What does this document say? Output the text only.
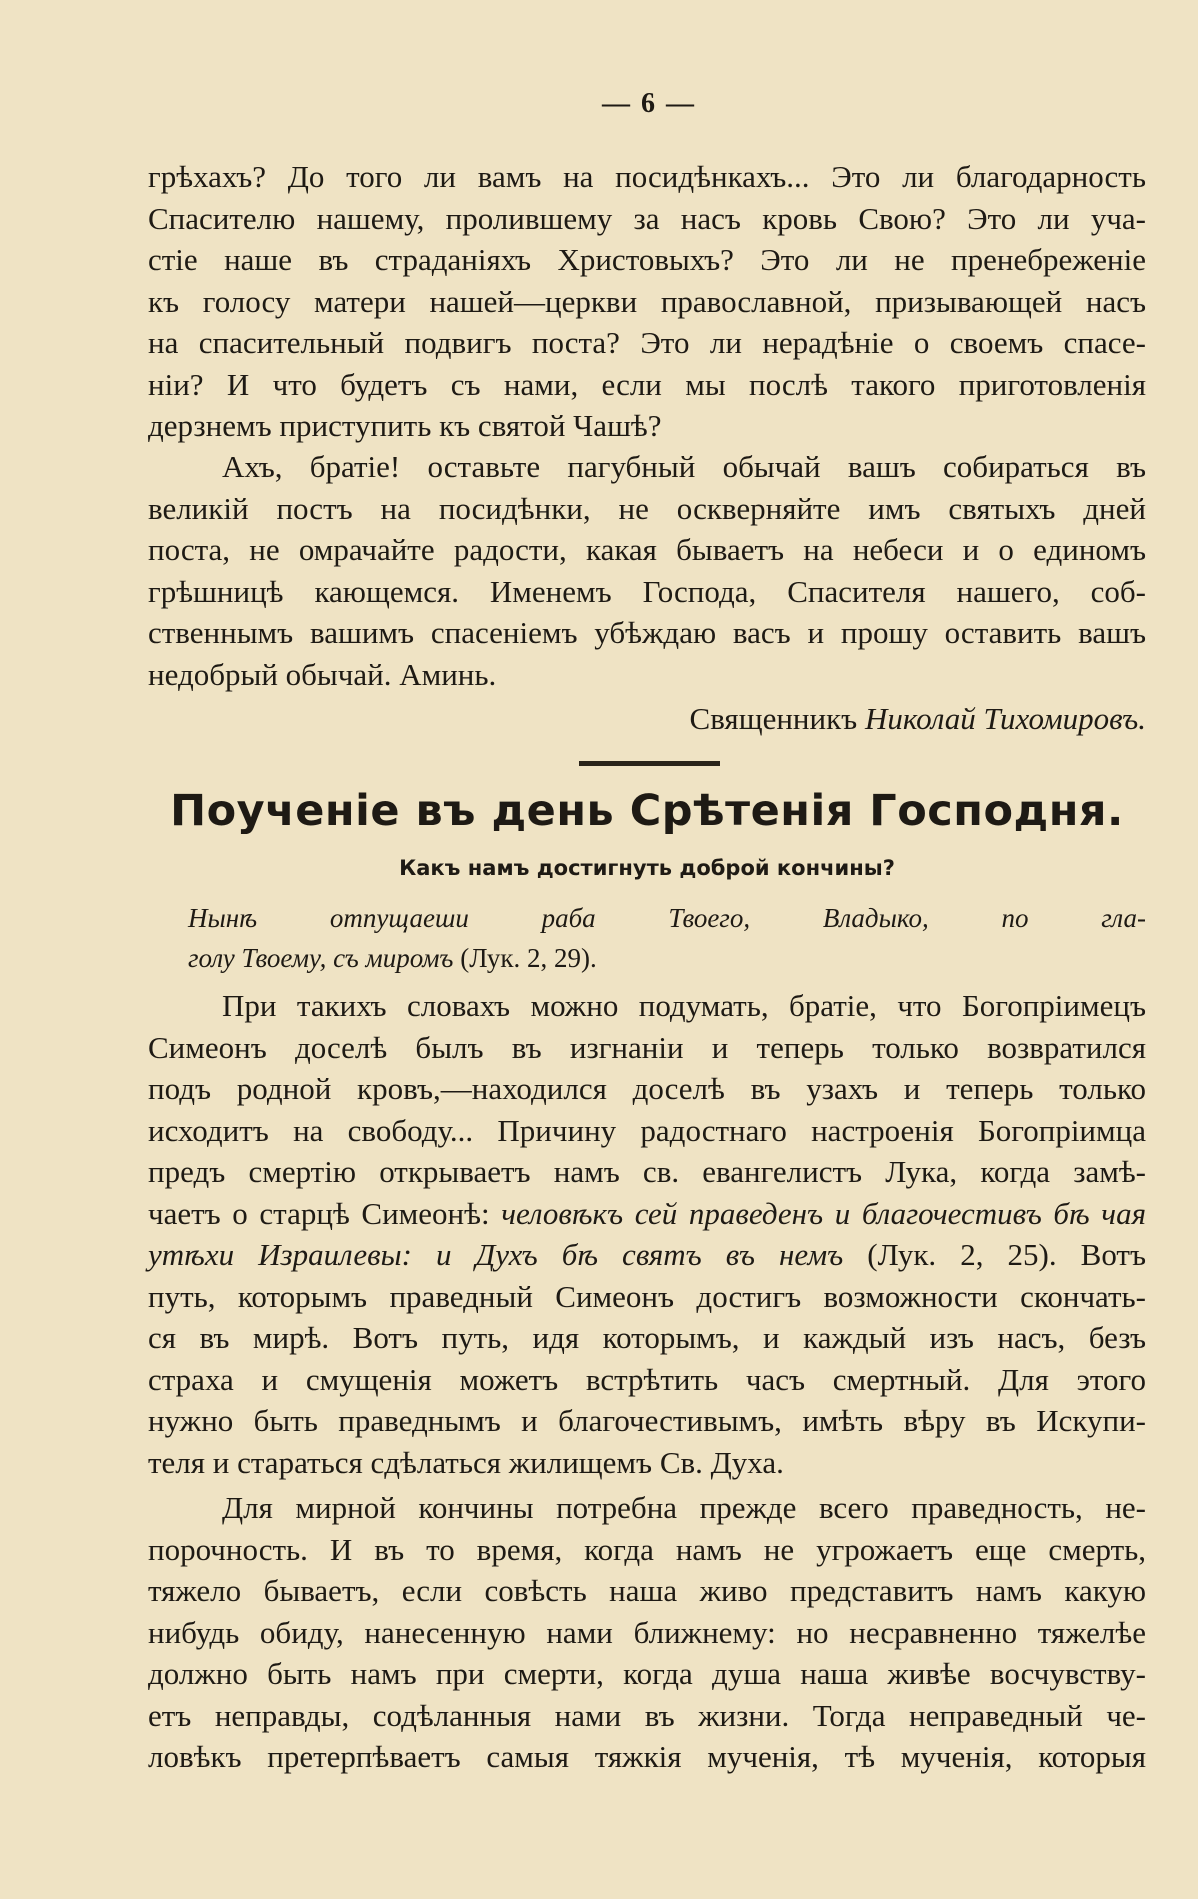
— 6 —
грѣхахъ? До того ли вамъ на посидѣнкахъ... Это ли благодарность
Спасителю нашему, пролившему за насъ кровь Свою? Это ли уча-
стіе наше въ страданіяхъ Христовыхъ? Это ли не пренебреженіе
къ голосу матери нашей—церкви православной, призывающей насъ
на спасительный подвигъ поста? Это ли нерадѣніе о своемъ спасе-
ніи? И что будетъ съ нами, если мы послѣ такого приготовленія
дерзнемъ приступить къ святой Чашѣ?
Ахъ, братіе! оставьте пагубный обычай вашъ собираться въ
великій постъ на посидѣнки, не оскверняйте имъ святыхъ дней
поста, не омрачайте радости, какая бываетъ на небеси и о единомъ
грѣшницѣ кающемся. Именемъ Господа, Спасителя нашего, соб-
ственнымъ вашимъ спасеніемъ убѣждаю васъ и прошу оставить вашъ
недобрый обычай. Аминь.
Священникъ Николай Тихомировъ.
Поученіе въ день Срѣтенія Господня.
Какъ намъ достигнуть доброй кончины?
Нынѣ отпущаеши раба Твоего, Владыко, по гла-
голу Твоему, съ миромъ (Лук. 2, 29).
При такихъ словахъ можно подумать, братіе, что Богопріимецъ
Симеонъ доселѣ былъ въ изгнаніи и теперь только возвратился
подъ родной кровъ,—находился доселѣ въ узахъ и теперь только
исходитъ на свободу... Причину радостнаго настроенія Богопріимца
предъ смертію открываетъ намъ св. евангелистъ Лука, когда замѣ-
чаетъ о старцѣ Симеонѣ: человѣкъ сей праведенъ и благочестивъ бѣ чая
утѣхи Израилевы: и Духъ бѣ святъ въ немъ (Лук. 2, 25). Вотъ
путь, которымъ праведный Симеонъ достигъ возможности скончать-
ся въ мирѣ. Вотъ путь, идя которымъ, и каждый изъ насъ, безъ
страха и смущенія можетъ встрѣтить часъ смертный. Для этого
нужно быть праведнымъ и благочестивымъ, имѣть вѣру въ Искупи-
теля и стараться сдѣлаться жилищемъ Св. Духа.
Для мирной кончины потребна прежде всего праведность, не-
порочность. И въ то время, когда намъ не угрожаетъ еще смерть,
тяжело бываетъ, если совѣсть наша живо представитъ намъ какую
нибудь обиду, нанесенную нами ближнему: но несравненно тяжелѣе
должно быть намъ при смерти, когда душа наша живѣе восчувству-
етъ неправды, содѣланныя нами въ жизни. Тогда неправедный че-
ловѣкъ претерпѣваетъ самыя тяжкія мученія, тѣ мученія, которыя
